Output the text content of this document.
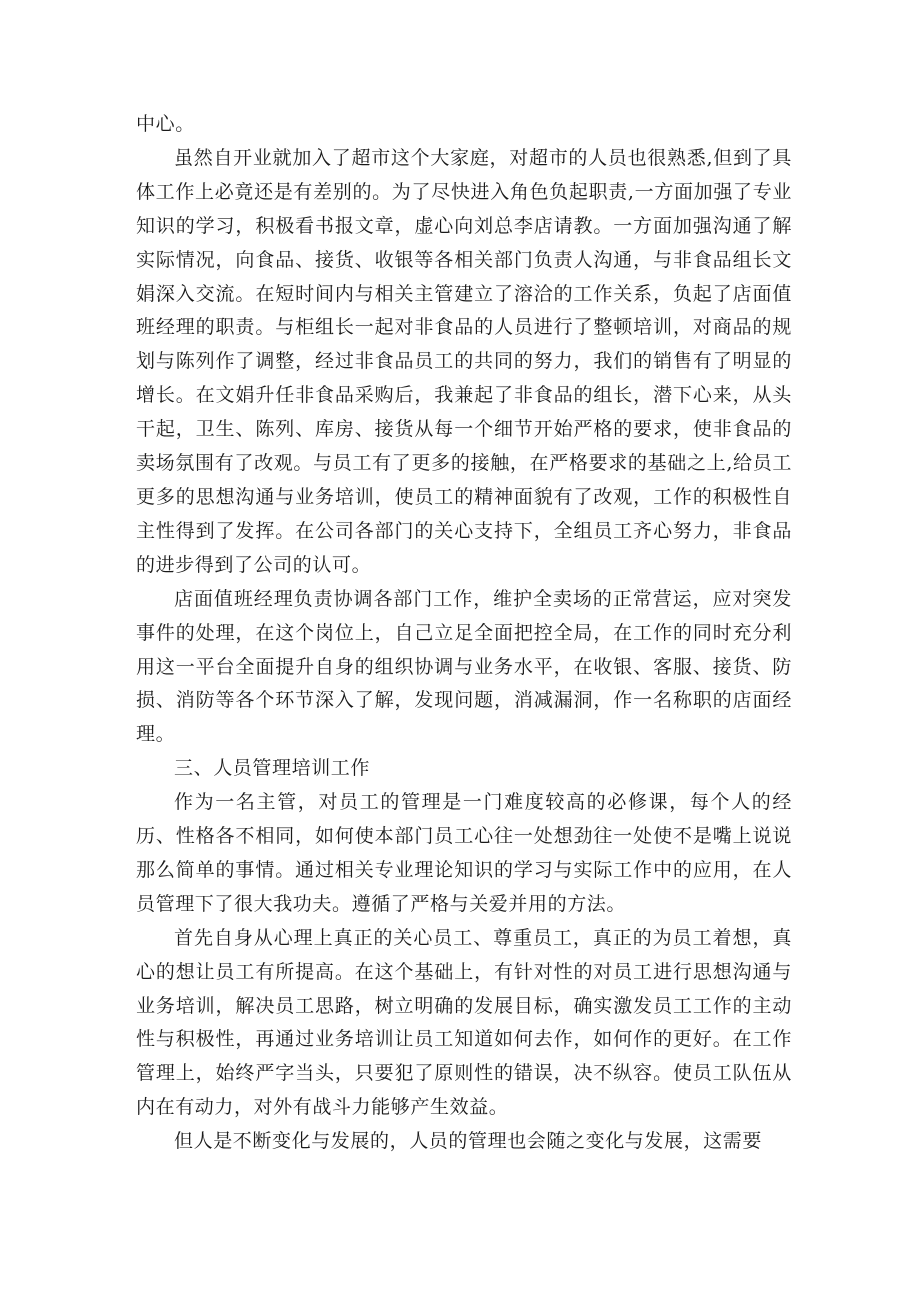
中心。

虽然自开业就加入了超市这个大家庭，对超市的人员也很熟悉,但到了具体工作上必竟还是有差别的。为了尽快进入角色负起职责,一方面加强了专业知识的学习，积极看书报文章，虚心向刘总李店请教。一方面加强沟通了解实际情况，向食品、接货、收银等各相关部门负责人沟通，与非食品组长文娟深入交流。在短时间内与相关主管建立了溶洽的工作关系，负起了店面值班经理的职责。与柜组长一起对非食品的人员进行了整顿培训，对商品的规划与陈列作了调整，经过非食品员工的共同的努力，我们的销售有了明显的增长。在文娟升任非食品采购后，我兼起了非食品的组长，潜下心来，从头干起，卫生、陈列、库房、接货从每一个细节开始严格的要求，使非食品的卖场氛围有了改观。与员工有了更多的接触，在严格要求的基础之上,给员工更多的思想沟通与业务培训，使员工的精神面貌有了改观，工作的积极性自主性得到了发挥。在公司各部门的关心支持下，全组员工齐心努力，非食品的进步得到了公司的认可。

店面值班经理负责协调各部门工作，维护全卖场的正常营运，应对突发事件的处理，在这个岗位上，自己立足全面把控全局，在工作的同时充分利用这一平台全面提升自身的组织协调与业务水平，在收银、客服、接货、防损、消防等各个环节深入了解，发现问题，消减漏洞，作一名称职的店面经理。

三、人员管理培训工作

作为一名主管，对员工的管理是一门难度较高的必修课，每个人的经历、性格各不相同，如何使本部门员工心往一处想劲往一处使不是嘴上说说那么简单的事情。通过相关专业理论知识的学习与实际工作中的应用，在人员管理下了很大我功夫。遵循了严格与关爱并用的方法。

首先自身从心理上真正的关心员工、尊重员工，真正的为员工着想，真心的想让员工有所提高。在这个基础上，有针对性的对员工进行思想沟通与业务培训，解决员工思路，树立明确的发展目标，确实激发员工工作的主动性与积极性，再通过业务培训让员工知道如何去作，如何作的更好。在工作管理上，始终严字当头，只要犯了原则性的错误，决不纵容。使员工队伍从内在有动力，对外有战斗力能够产生效益。

但人是不断变化与发展的，人员的管理也会随之变化与发展，这需要
